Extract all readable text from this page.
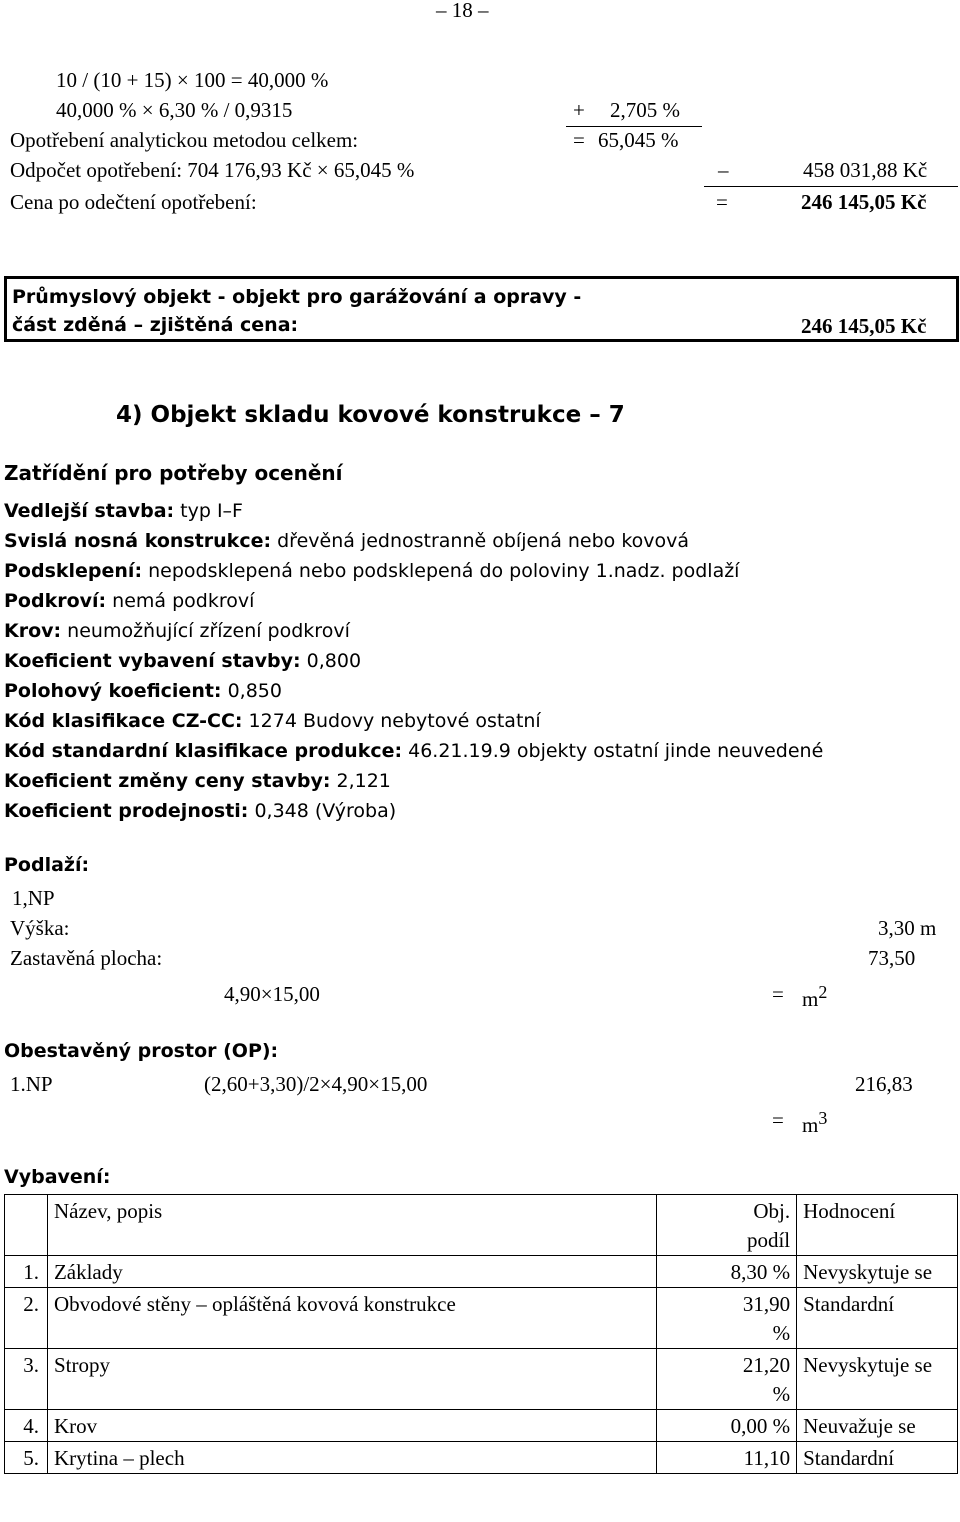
– 18 –
10 / (10 + 15) × 100 = 40,000 %
40,000 % × 6,30 % / 0,9315	+ 2,705 %
Opotřebení analytickou metodou celkem:	= 65,045 %
Odpočet opotřebení: 704 176,93 Kč × 65,045 %	–	458 031,88 Kč
Cena po odečtení opotřebení:	=	246 145,05 Kč
Průmyslový objekt - objekt pro garážování a opravy -
část zděná – zjištěná cena:	246 145,05 Kč
4) Objekt skladu kovové konstrukce – 7
Zatřídění pro potřeby ocenění
Vedlejší stavba: typ I–F
Svislá nosná konstrukce: dřevěná jednostranně obíjená nebo kovová
Podsklepení: nepodsklepená nebo podsklepená do poloviny 1.nadz. podlaží
Podkroví: nemá podkroví
Krov: neumožňující zřízení podkroví
Koeficient vybavení stavby: 0,800
Polohový koeficient: 0,850
Kód klasifikace CZ-CC: 1274 Budovy nebytové ostatní
Kód standardní klasifikace produkce: 46.21.19.9 objekty ostatní jinde neuvedené
Koeficient změny ceny stavby: 2,121
Koeficient prodejnosti: 0,348 (Výroba)
Podlaží:
1,NP
Výška:	3,30 m
Zastavěná plocha:	73,50
4,90×15,00	= $m^2$
Obestavěný prostor (OP):
1.NP	(2,60+3,30)/2×4,90×15,00	216,83
= $m^3$
Vybavení:
	Název, popis	Obj. podíl	Hodnocení
1.	Základy	8,30 %	Nevyskytuje se
2.	Obvodové stěny – opláštěná kovová konstrukce	31,90 %	Standardní
3.	Stropy	21,20 %	Nevyskytuje se
4.	Krov	0,00 %	Neuvažuje se
5.	Krytina – plech	11,10	Standardní
